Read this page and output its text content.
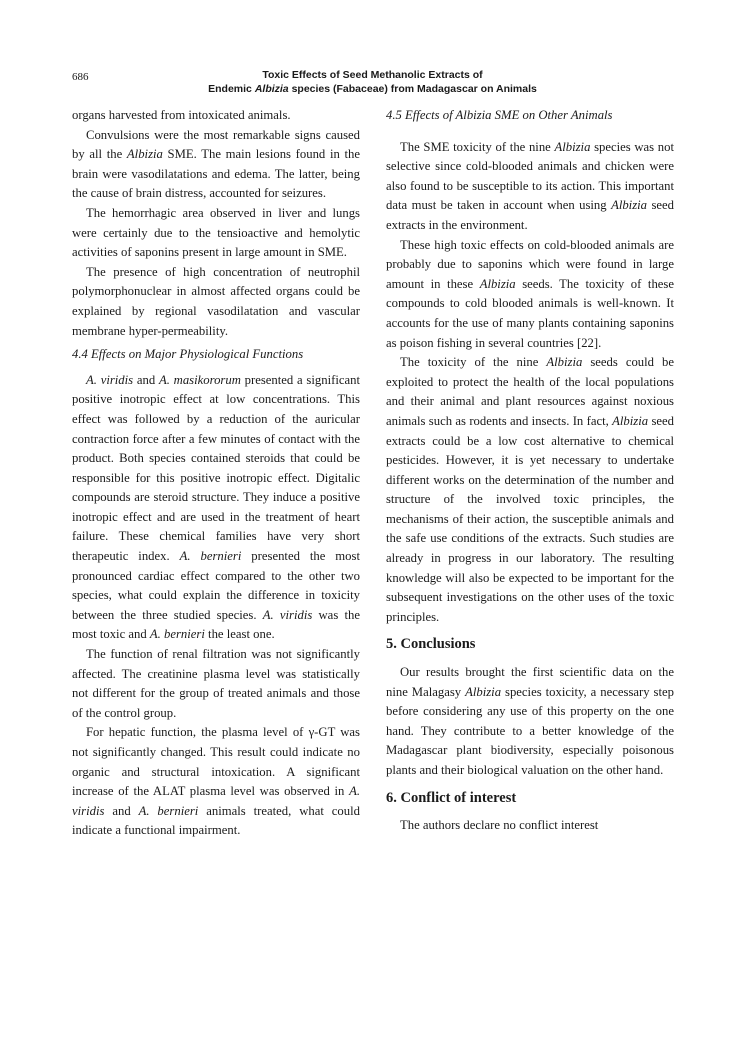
686	Toxic Effects of Seed Methanolic Extracts of
Endemic Albizia species (Fabaceae) from Madagascar on Animals

organs harvested from intoxicated animals.

Convulsions were the most remarkable signs caused by all the Albizia SME. The main lesions found in the brain were vasodilatations and edema. The latter, being the cause of brain distress, accounted for seizures.

The hemorrhagic area observed in liver and lungs were certainly due to the tensioactive and hemolytic activities of saponins present in large amount in SME.

The presence of high concentration of neutrophil polymorphonuclear in almost affected organs could be explained by regional vasodilatation and vascular membrane hyper-permeability.

4.4 Effects on Major Physiological Functions

A. viridis and A. masikororum presented a significant positive inotropic effect at low concentrations. This effect was followed by a reduction of the auricular contraction force after a few minutes of contact with the product. Both species contained steroids that could be responsible for this positive inotropic effect. Digitalic compounds are steroid structure. They induce a positive inotropic effect and are used in the treatment of heart failure. These chemical families have very short therapeutic index. A. bernieri presented the most pronounced cardiac effect compared to the other two species, what could explain the difference in toxicity between the three studied species. A. viridis was the most toxic and A. bernieri the least one.

The function of renal filtration was not significantly affected. The creatinine plasma level was statistically not different for the group of treated animals and those of the control group.

For hepatic function, the plasma level of γ-GT was not significantly changed. This result could indicate no organic and structural intoxication. A significant increase of the ALAT plasma level was observed in A. viridis and A. bernieri animals treated, what could indicate a functional impairment.

4.5 Effects of Albizia SME on Other Animals

The SME toxicity of the nine Albizia species was not selective since cold-blooded animals and chicken were also found to be susceptible to its action. This important data must be taken in account when using Albizia seed extracts in the environment.

These high toxic effects on cold-blooded animals are probably due to saponins which were found in large amount in these Albizia seeds. The toxicity of these compounds to cold blooded animals is well-known. It accounts for the use of many plants containing saponins as poison fishing in several countries [22].

The toxicity of the nine Albizia seeds could be exploited to protect the health of the local populations and their animal and plant resources against noxious animals such as rodents and insects. In fact, Albizia seed extracts could be a low cost alternative to chemical pesticides. However, it is yet necessary to undertake different works on the determination of the number and structure of the involved toxic principles, the mechanisms of their action, the susceptible animals and the safe use conditions of the extracts. Such studies are already in progress in our laboratory. The resulting knowledge will also be expected to be important for the subsequent investigations on the other uses of the toxic principles.

5. Conclusions

Our results brought the first scientific data on the nine Malagasy Albizia species toxicity, a necessary step before considering any use of this property on the one hand. They contribute to a better knowledge of the Madagascar plant biodiversity, especially poisonous plants and their biological valuation on the other hand.

6. Conflict of interest

The authors declare no conflict interest
